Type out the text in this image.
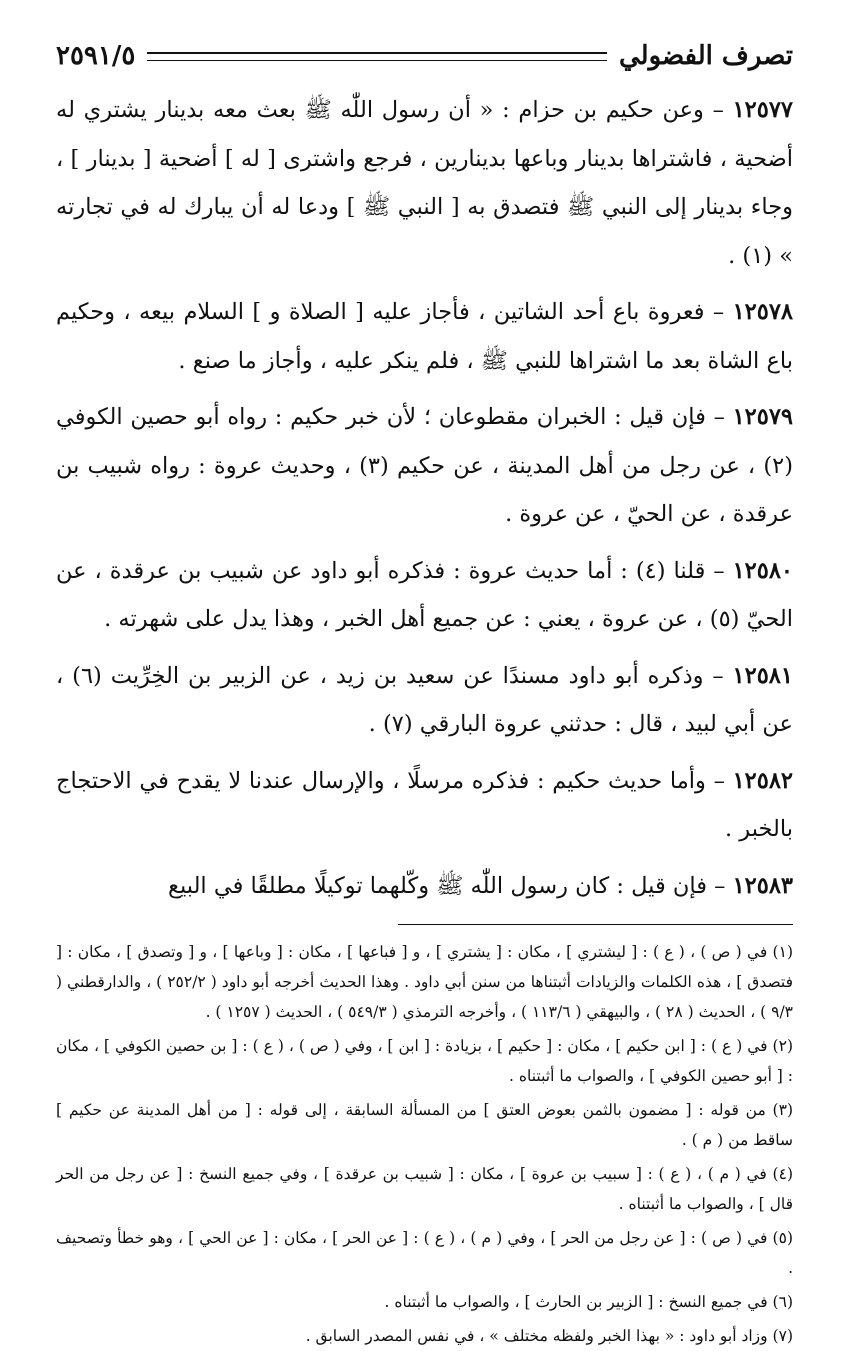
تصرف الفضولي
٢٥٩١/٥

١٢٥٧٧ – وعن حكيم بن حزام : « أن رسول اللّٰه ﷺ بعث معه بدينار يشتري له أضحية ، فاشتراها بدينار وباعها بدينارين ، فرجع واشترى [ له ] أضحية [ بدينار ] ، وجاء بدينار إلى النبي ﷺ فتصدق به [ النبي ﷺ ] ودعا له أن يبارك له في تجارته » (١) .

١٢٥٧٨ – فعروة باع أحد الشاتين ، فأجاز عليه [ الصلاة و ] السلام بيعه ، وحكيم باع الشاة بعد ما اشتراها للنبي ﷺ ، فلم ينكر عليه ، وأجاز ما صنع .

١٢٥٧٩ – فإن قيل : الخبران مقطوعان ؛ لأن خبر حكيم : رواه أبو حصين الكوفي (٢) ، عن رجل من أهل المدينة ، عن حكيم (٣) ، وحديث عروة : رواه شبيب بن عرقدة ، عن الحيّ ، عن عروة .

١٢٥٨٠ – قلنا (٤) : أما حديث عروة : فذكره أبو داود عن شبيب بن عرقدة ، عن الحيّ (٥) ، عن عروة ، يعني : عن جميع أهل الخبر ، وهذا يدل على شهرته .

١٢٥٨١ – وذكره أبو داود مسندًا عن سعيد بن زيد ، عن الزبير بن الخِرِّيت (٦) ، عن أبي لبيد ، قال : حدثني عروة البارقي (٧) .

١٢٥٨٢ – وأما حديث حكيم : فذكره مرسلًا ، والإرسال عندنا لا يقدح في الاحتجاج بالخبر .

١٢٥٨٣ – فإن قيل : كان رسول اللّٰه ﷺ وكّلهما توكيلًا مطلقًا في البيع

(١) في ( ص ) ، ( ع ) : [ ليشتري ] ، مكان : [ يشتري ] ، و [ فباعها ] ، مكان : [ وباعها ] ، و [ وتصدق ] ، مكان : [ فتصدق ] ، هذه الكلمات والزيادات أثبتناها من سنن أبي داود . وهذا الحديث أخرجه أبو داود ( ٢٥٢/٢ ) ، والدارقطني ( ٩/٣ ) ، الحديث ( ٢٨ ) ، والبيهقي ( ١١٣/٦ ) ، وأخرجه الترمذي ( ٥٤٩/٣ ) ، الحديث ( ١٢٥٧ ) .

(٢) في ( ع ) : [ ابن حكيم ] ، مكان : [ حكيم ] ، بزيادة : [ ابن ] ، وفي ( ص ) ، ( ع ) : [ بن حصين الكوفي ] ، مكان : [ أبو حصين الكوفي ] ، والصواب ما أثبتناه .

(٣) من قوله : [ مضمون بالثمن بعوض العتق ] من المسألة السابقة ، إلى قوله : [ من أهل المدينة عن حكيم ] ساقط من ( م ) .

(٤) في ( م ) ، ( ع ) : [ سبيب بن عروة ] ، مكان : [ شبيب بن عرقدة ] ، وفي جميع النسخ : [ عن رجل من الحر قال ] ، والصواب ما أثبتناه .

(٥) في ( ص ) : [ عن رجل من الحر ] ، وفي ( م ) ، ( ع ) : [ عن الحر ] ، مكان : [ عن الحي ] ، وهو خطأ وتصحيف .

(٦) في جميع النسخ : [ الزبير بن الحارث ] ، والصواب ما أثبتناه .

(٧) وزاد أبو داود : « بهذا الخبر ولفظه مختلف » ، في نفس المصدر السابق .
